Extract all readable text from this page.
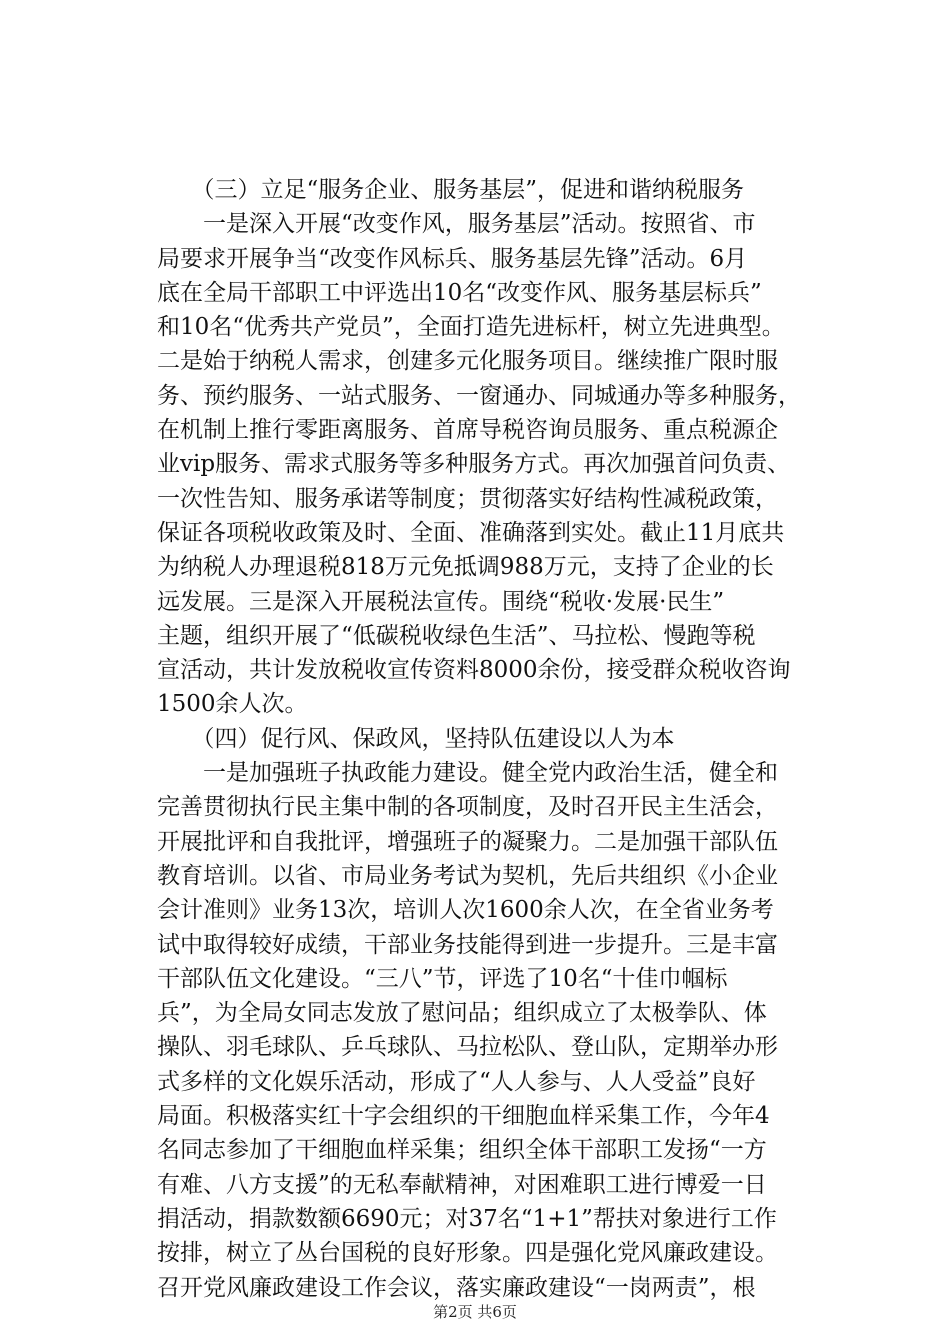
　　（三）立足“服务企业、服务基层”，促进和谐纳税服务
　　一是深入开展“改变作风，服务基层”活动。按照省、市
局要求开展争当“改变作风标兵、服务基层先锋”活动。6月
底在全局干部职工中评选出10名“改变作风、服务基层标兵”
和10名“优秀共产党员”，全面打造先进标杆，树立先进典型。
二是始于纳税人需求，创建多元化服务项目。继续推广限时服
务、预约服务、一站式服务、一窗通办、同城通办等多种服务，
在机制上推行零距离服务、首席导税咨询员服务、重点税源企
业vip服务、需求式服务等多种服务方式。再次加强首问负责、
一次性告知、服务承诺等制度；贯彻落实好结构性减税政策，
保证各项税收政策及时、全面、准确落到实处。截止11月底共
为纳税人办理退税818万元免抵调988万元，支持了企业的长
远发展。三是深入开展税法宣传。围绕“税收·发展·民生”
主题，组织开展了“低碳税收绿色生活”、马拉松、慢跑等税
宣活动，共计发放税收宣传资料8000余份，接受群众税收咨询
1500余人次。
　　（四）促行风、保政风，坚持队伍建设以人为本
　　一是加强班子执政能力建设。健全党内政治生活，健全和
完善贯彻执行民主集中制的各项制度，及时召开民主生活会，
开展批评和自我批评，增强班子的凝聚力。二是加强干部队伍
教育培训。以省、市局业务考试为契机，先后共组织《小企业
会计准则》业务13次，培训人次1600余人次，在全省业务考
试中取得较好成绩，干部业务技能得到进一步提升。三是丰富
干部队伍文化建设。“三八”节，评选了10名“十佳巾帼标
兵”，为全局女同志发放了慰问品；组织成立了太极拳队、体
操队、羽毛球队、乒乓球队、马拉松队、登山队，定期举办形
式多样的文化娱乐活动，形成了“人人参与、人人受益”良好
局面。积极落实红十字会组织的干细胞血样采集工作，今年4
名同志参加了干细胞血样采集；组织全体干部职工发扬“一方
有难、八方支援”的无私奉献精神，对困难职工进行博爱一日
捐活动，捐款数额6690元；对37名“1+1”帮扶对象进行工作
按排，树立了丛台国税的良好形象。四是强化党风廉政建设。
召开党风廉政建设工作会议，落实廉政建设“一岗两责”，根
第2页 共6页
